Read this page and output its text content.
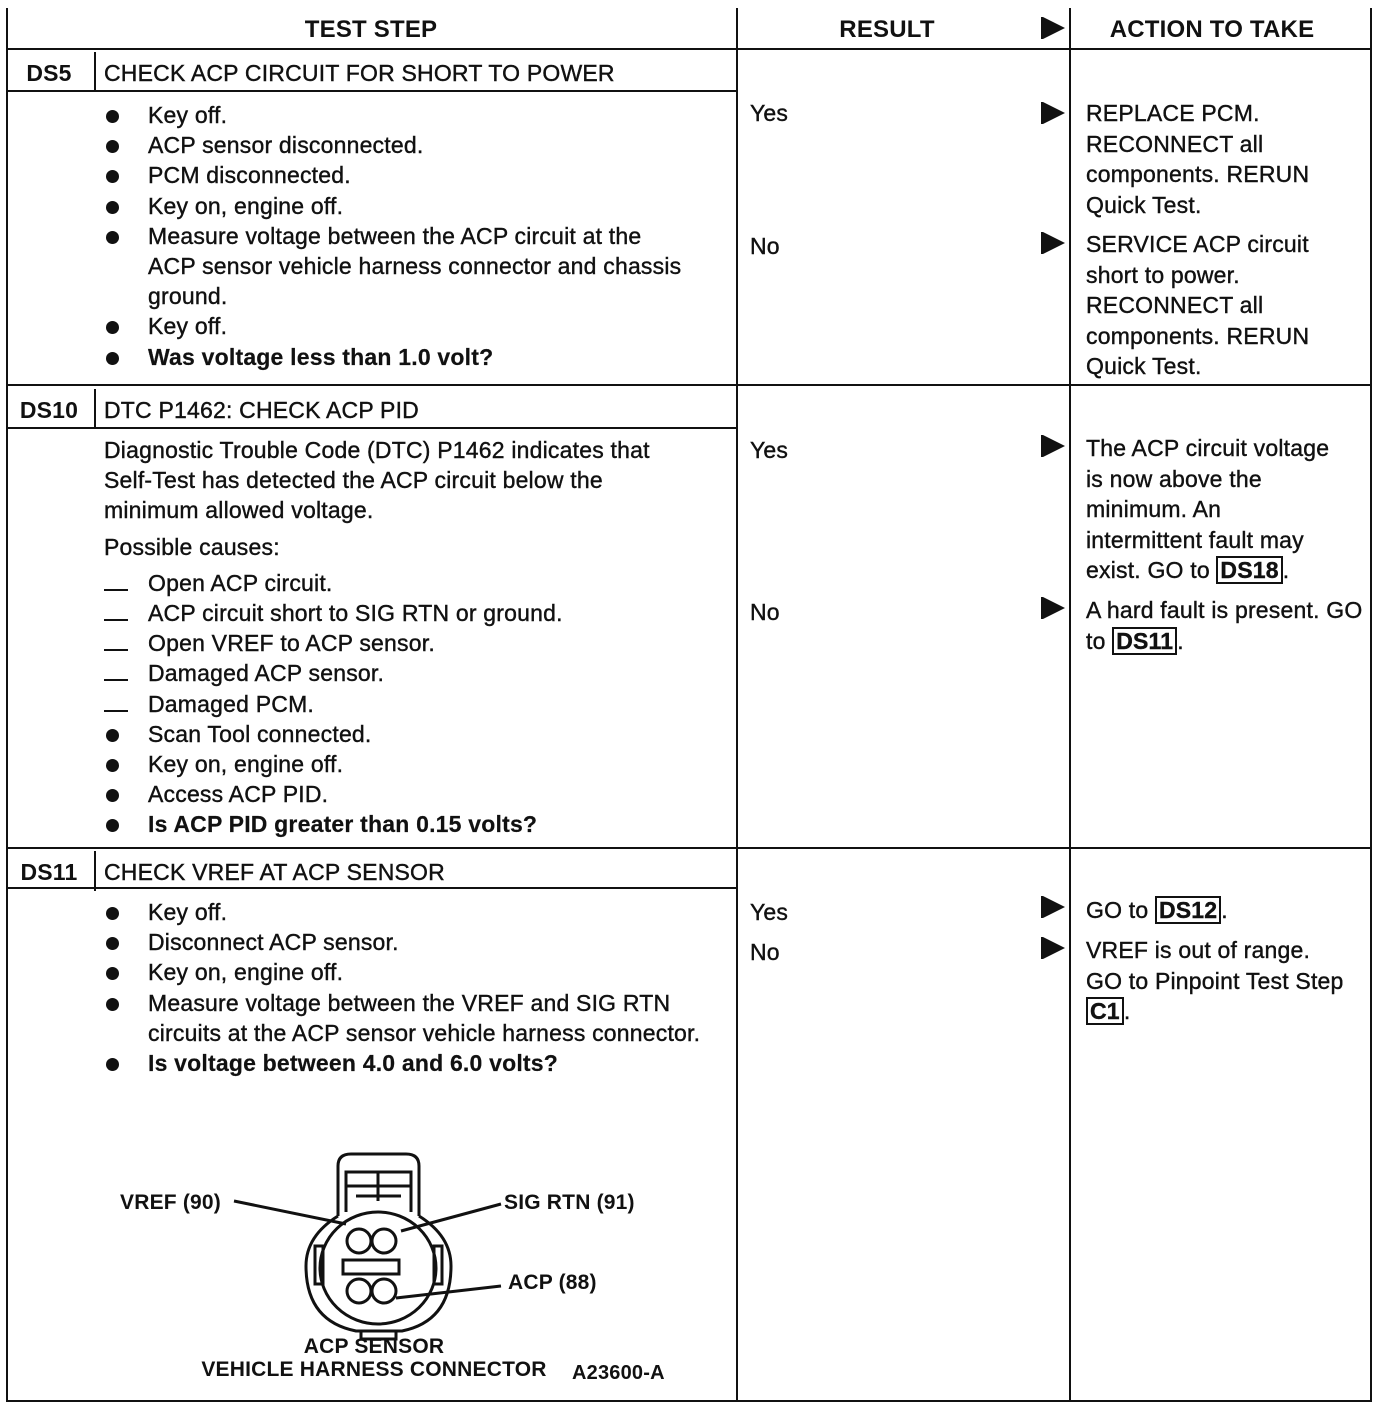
TEST STEP	RESULT	ACTION TO TAKE
DS5	CHECK ACP CIRCUIT FOR SHORT TO POWER
Key off.
ACP sensor disconnected.
PCM disconnected.
Key on, engine off.
Measure voltage between the ACP circuit at the ACP sensor vehicle harness connector and chassis ground.
Key off.
Was voltage less than 1.0 volt?
Yes	REPLACE PCM. RECONNECT all components. RERUN Quick Test.
No	SERVICE ACP circuit short to power. RECONNECT all components. RERUN Quick Test.
DS10	DTC P1462: CHECK ACP PID
Diagnostic Trouble Code (DTC) P1462 indicates that Self-Test has detected the ACP circuit below the minimum allowed voltage.
Possible causes:
Open ACP circuit.
ACP circuit short to SIG RTN or ground.
Open VREF to ACP sensor.
Damaged ACP sensor.
Damaged PCM.
Scan Tool connected.
Key on, engine off.
Access ACP PID.
Is ACP PID greater than 0.15 volts?
Yes	The ACP circuit voltage is now above the minimum. An intermittent fault may exist. GO to DS18 .
No	A hard fault is present. GO to DS11 .
DS11	CHECK VREF AT ACP SENSOR
Key off.
Disconnect ACP sensor.
Key on, engine off.
Measure voltage between the VREF and SIG RTN circuits at the ACP sensor vehicle harness connector.
Is voltage between 4.0 and 6.0 volts?
Yes	GO to DS12 .
No	VREF is out of range. GO to Pinpoint Test Step C1 .
VREF (90)	SIG RTN (91)
ACP (88)
ACP SENSOR
VEHICLE HARNESS CONNECTOR A23600-A
